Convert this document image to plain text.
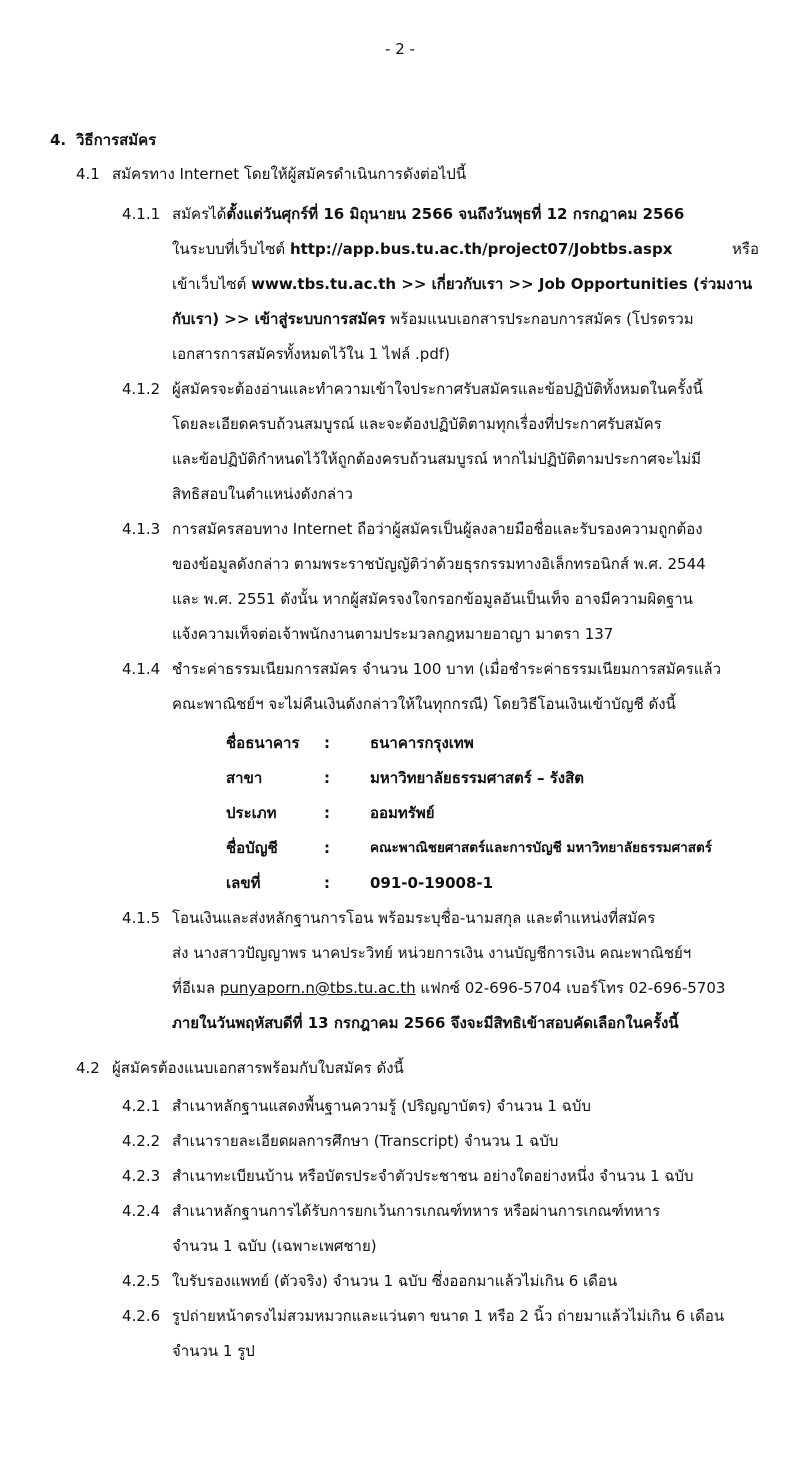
- 2 -
4. วิธีการสมัคร
4.1 สมัครทาง Internet โดยให้ผู้สมัครดำเนินการดังต่อไปนี้
4.1.1 สมัครได้ตั้งแต่วันศุกร์ที่ 16 มิถุนายน 2566 จนถึงวันพุธที่ 12 กรกฎาคม 2566
ในระบบที่เว็บไซต์ http://app.bus.tu.ac.th/project07/Jobtbs.aspx	หรือ
เข้าเว็บไซต์ www.tbs.tu.ac.th >> เกี่ยวกับเรา >> Job Opportunities (ร่วมงาน
กับเรา) >> เข้าสู่ระบบการสมัคร พร้อมแนบเอกสารประกอบการสมัคร (โปรดรวม
เอกสารการสมัครทั้งหมดไว้ใน 1 ไฟล์ .pdf)
4.1.2 ผู้สมัครจะต้องอ่านและทำความเข้าใจประกาศรับสมัครและข้อปฏิบัติทั้งหมดในครั้งนี้
โดยละเอียดครบถ้วนสมบูรณ์ และจะต้องปฏิบัติตามทุกเรื่องที่ประกาศรับสมัคร
และข้อปฏิบัติกำหนดไว้ให้ถูกต้องครบถ้วนสมบูรณ์ หากไม่ปฏิบัติตามประกาศจะไม่มี
สิทธิสอบในตำแหน่งดังกล่าว
4.1.3 การสมัครสอบทาง Internet ถือว่าผู้สมัครเป็นผู้ลงลายมือชื่อและรับรองความถูกต้อง
ของข้อมูลดังกล่าว ตามพระราชบัญญัติว่าด้วยธุรกรรมทางอิเล็กทรอนิกส์ พ.ศ. 2544
และ พ.ศ. 2551 ดังนั้น หากผู้สมัครจงใจกรอกข้อมูลอันเป็นเท็จ อาจมีความผิดฐาน
แจ้งความเท็จต่อเจ้าพนักงานตามประมวลกฎหมายอาญา มาตรา 137
4.1.4 ชำระค่าธรรมเนียมการสมัคร จำนวน 100 บาท (เมื่อชำระค่าธรรมเนียมการสมัครแล้ว
คณะพาณิชย์ฯ จะไม่คืนเงินดังกล่าวให้ในทุกกรณี) โดยวิธีโอนเงินเข้าบัญชี ดังนี้
ชื่อธนาคาร :	ธนาคารกรุงเทพ
สาขา	:	มหาวิทยาลัยธรรมศาสตร์ – รังสิต
ประเภท	:	ออมทรัพย์
ชื่อบัญชี	:	คณะพาณิชยศาสตร์และการบัญชี มหาวิทยาลัยธรรมศาสตร์
เลขที่	:	091-0-19008-1
4.1.5 โอนเงินและส่งหลักฐานการโอน พร้อมระบุชื่อ-นามสกุล และตำแหน่งที่สมัคร
ส่ง นางสาวปัญญาพร นาคประวิทย์ หน่วยการเงิน งานบัญชีการเงิน คณะพาณิชย์ฯ
ที่อีเมล punyaporn.n@tbs.tu.ac.th แฟกซ์ 02-696-5704 เบอร์โทร 02-696-5703
ภายในวันพฤหัสบดีที่ 13 กรกฎาคม 2566 จึงจะมีสิทธิเข้าสอบคัดเลือกในครั้งนี้
4.2 ผู้สมัครต้องแนบเอกสารพร้อมกับใบสมัคร ดังนี้
4.2.1 สำเนาหลักฐานแสดงพื้นฐานความรู้ (ปริญญาบัตร) จำนวน 1 ฉบับ
4.2.2 สำเนารายละเอียดผลการศึกษา (Transcript) จำนวน 1 ฉบับ
4.2.3 สำเนาทะเบียนบ้าน หรือบัตรประจำตัวประชาชน อย่างใดอย่างหนึ่ง จำนวน 1 ฉบับ
4.2.4 สำเนาหลักฐานการได้รับการยกเว้นการเกณฑ์ทหาร หรือผ่านการเกณฑ์ทหาร
จำนวน 1 ฉบับ (เฉพาะเพศชาย)
4.2.5 ใบรับรองแพทย์ (ตัวจริง) จำนวน 1 ฉบับ ซึ่งออกมาแล้วไม่เกิน 6 เดือน
4.2.6 รูปถ่ายหน้าตรงไม่สวมหมวกและแว่นตา ขนาด 1 หรือ 2 นิ้ว ถ่ายมาแล้วไม่เกิน 6 เดือน
จำนวน 1 รูป
